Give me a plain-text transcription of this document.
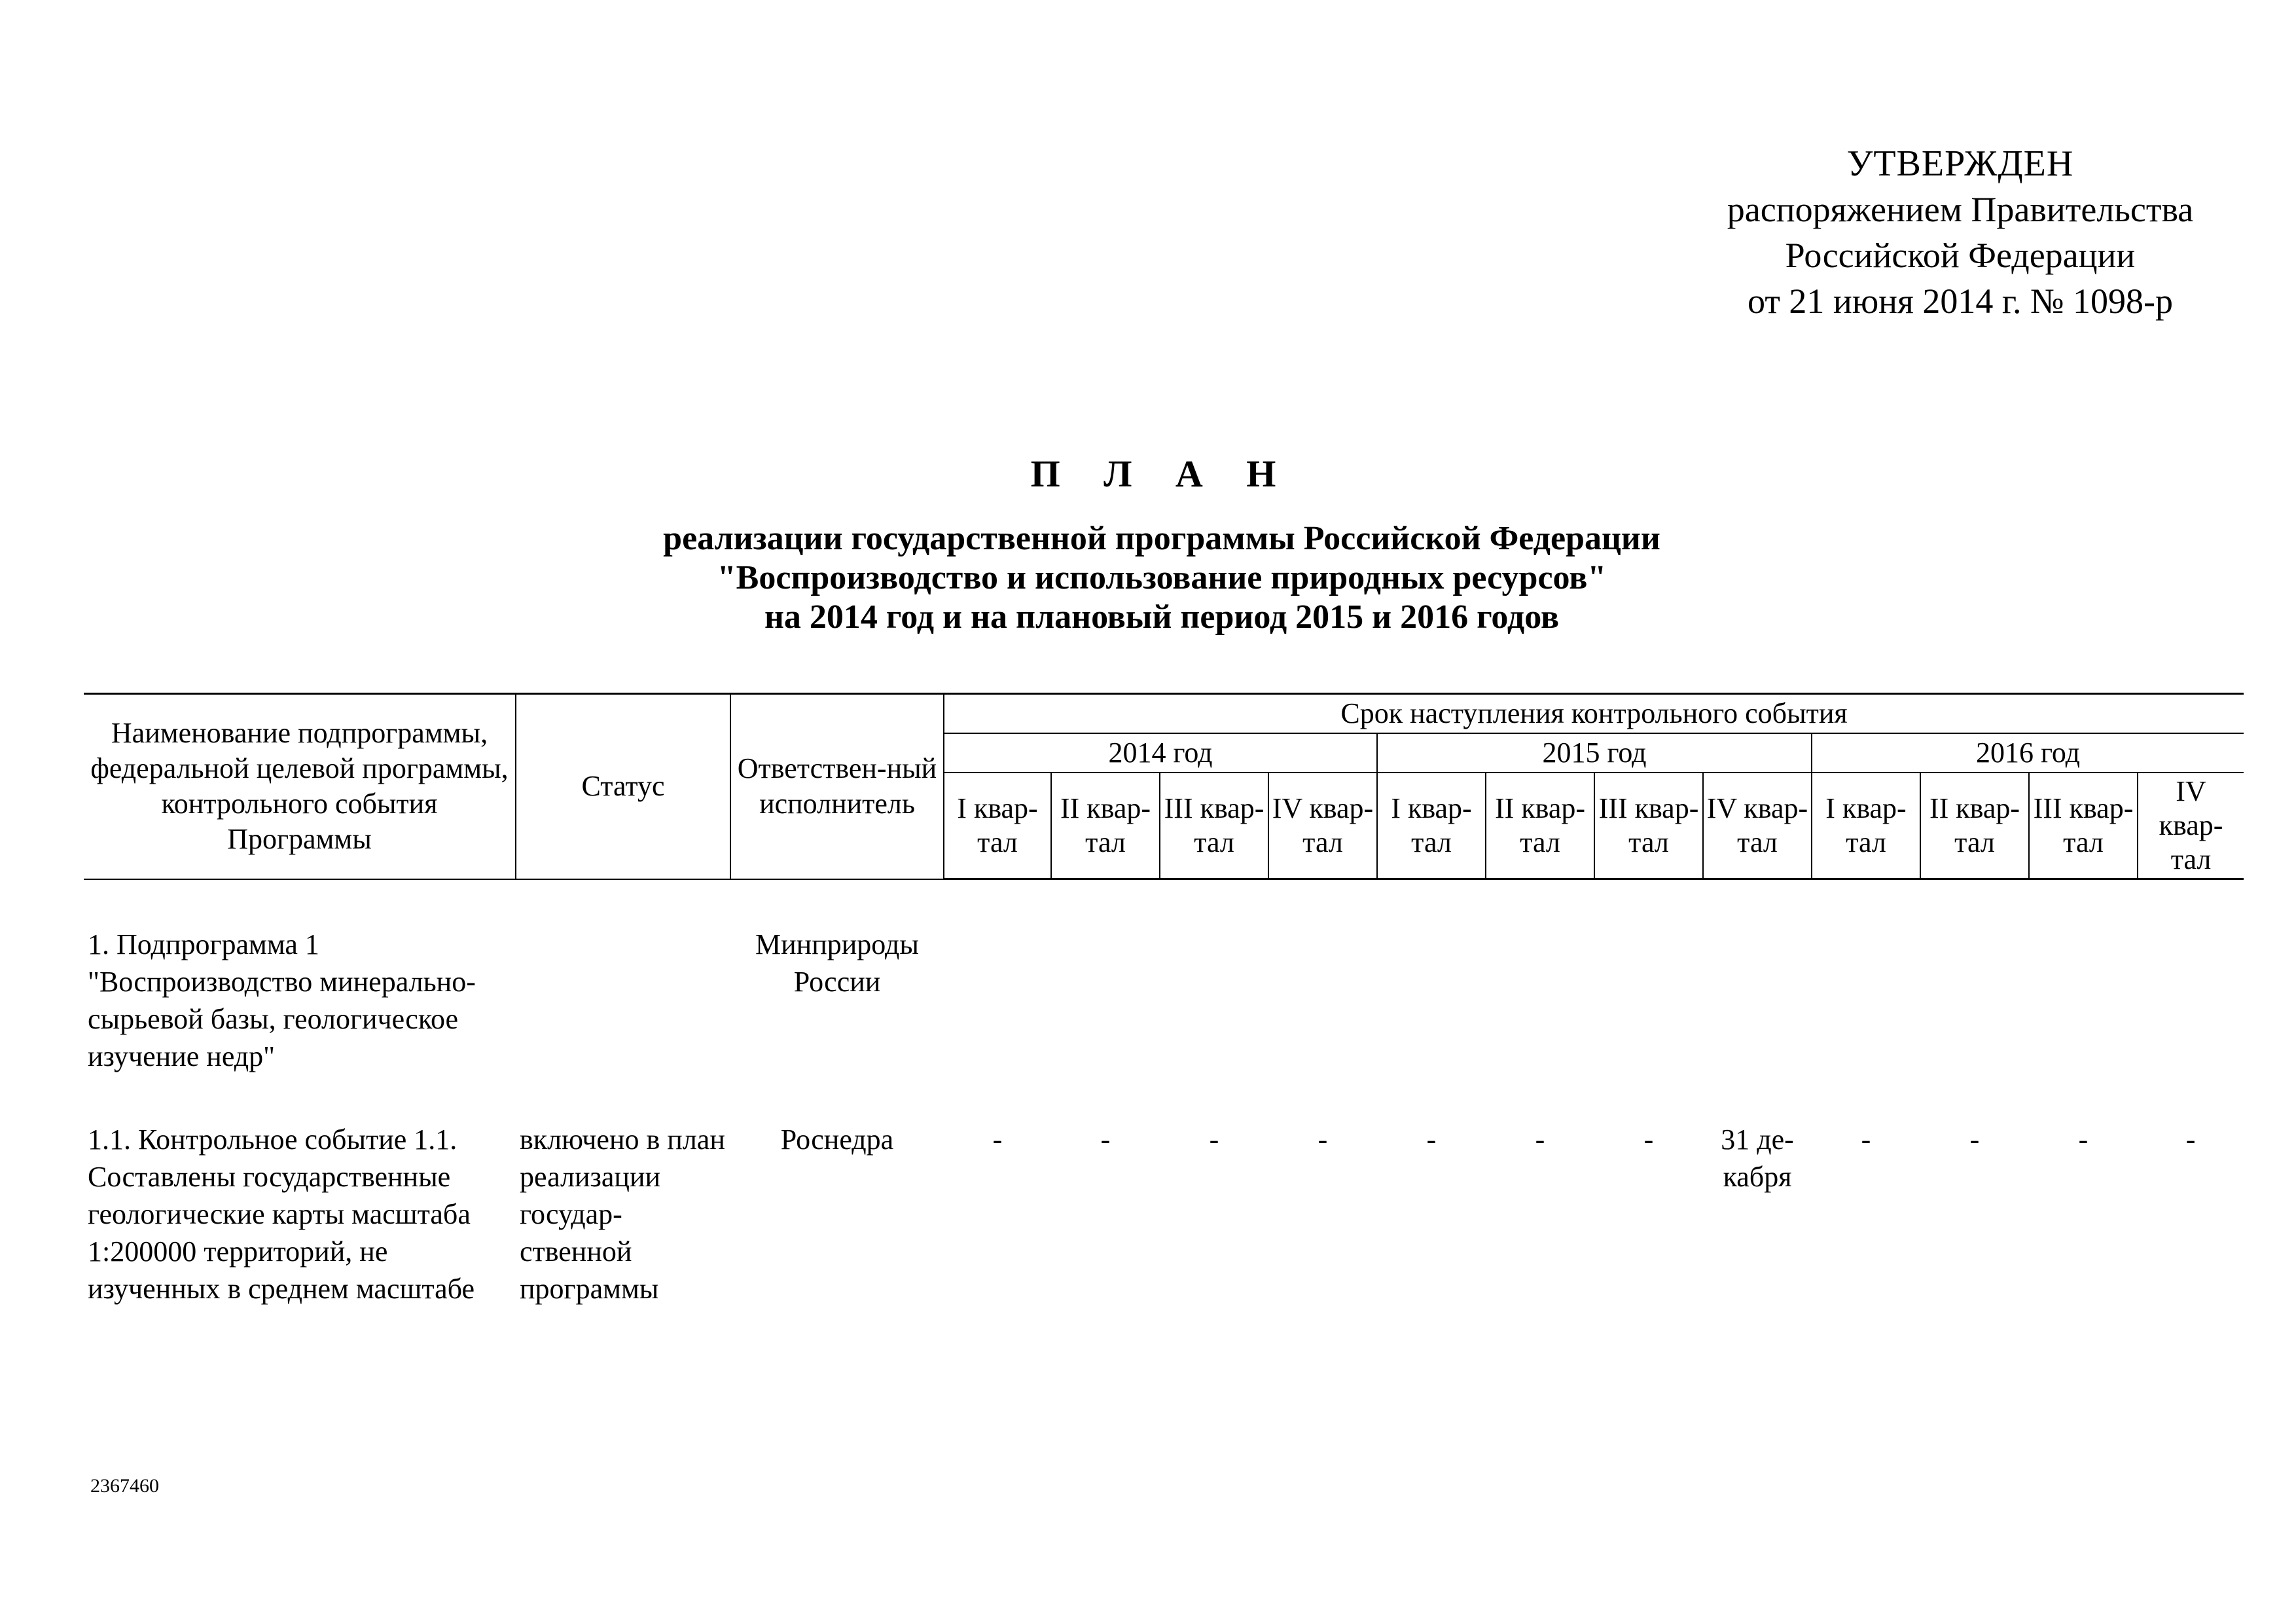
УТВЕРЖДЕН
распоряжением Правительства
Российской Федерации
от 21 июня 2014 г. № 1098-р
П Л А Н
реализации государственной программы Российской Федерации
"Воспроизводство и использование природных ресурсов"
на 2014 год и на плановый период 2015 и 2016 годов
Наименование подпрограммы, федеральной целевой программы, контрольного события Программы	Статус	Ответствен-ный исполнитель	Срок наступления контрольного события											
			2014 год				2015 год				2016 год			
			I квар-тал	II квар-тал	III квар-тал	IV квар-тал	I квар-тал	II квар-тал	III квар-тал	IV квар-тал	I квар-тал	II квар-тал	III квар-тал	IV квар-тал

1. Подпрограмма 1 "Воспроизводство минерально-сырьевой базы, геологическое изучение недр"		Минприроды России												
1.1. Контрольное событие 1.1. Составлены государственные геологические карты масштаба 1:200000 территорий, не изученных в среднем масштабе	включено в план реализации государ-ственной программы	Роснедра	-	-	-	-	-	-	-	31 де-кабря	-	-	-	-
2367460
